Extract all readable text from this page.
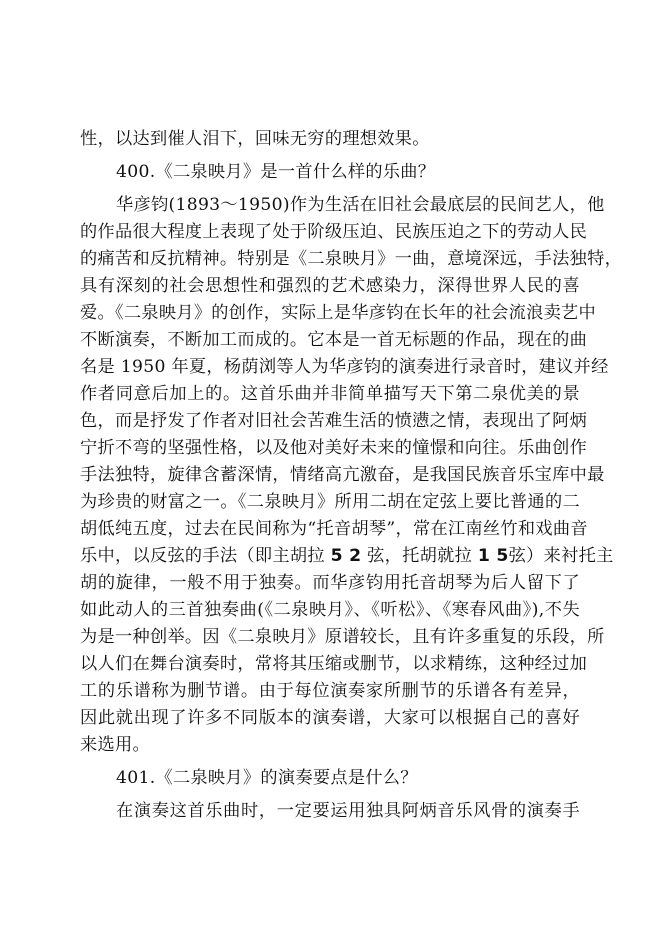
性，以达到催人泪下，回味无穷的理想效果。
400.《二泉映月》是一首什么样的乐曲？
华彦钧(1893～1950)作为生活在旧社会最底层的民间艺人，他
的作品很大程度上表现了处于阶级压迫、民族压迫之下的劳动人民
的痛苦和反抗精神。特别是《二泉映月》一曲，意境深远，手法独特，
具有深刻的社会思想性和强烈的艺术感染力，深得世界人民的喜
爱。《二泉映月》的创作，实际上是华彦钧在长年的社会流浪卖艺中
不断演奏，不断加工而成的。它本是一首无标题的作品，现在的曲
名是 1950 年夏，杨荫浏等人为华彦钧的演奏进行录音时，建议并经
作者同意后加上的。这首乐曲并非简单描写天下第二泉优美的景
色，而是抒发了作者对旧社会苦难生活的愤懑之情，表现出了阿炳
宁折不弯的坚强性格，以及他对美好未来的憧憬和向往。乐曲创作
手法独特，旋律含蓄深情，情绪高亢激奋，是我国民族音乐宝库中最
为珍贵的财富之一。《二泉映月》所用二胡在定弦上要比普通的二
胡低纯五度，过去在民间称为“托音胡琴”，常在江南丝竹和戏曲音
乐中，以反弦的手法（即主胡拉 5 2 弦，托胡就拉 1 5弦）来衬托主
胡的旋律，一般不用于独奏。而华彦钧用托音胡琴为后人留下了
如此动人的三首独奏曲(《二泉映月》、《听松》、《寒春风曲》),不失
为是一种创举。因《二泉映月》原谱较长，且有许多重复的乐段，所
以人们在舞台演奏时，常将其压缩或删节，以求精练，这种经过加
工的乐谱称为删节谱。由于每位演奏家所删节的乐谱各有差异，
因此就出现了许多不同版本的演奏谱，大家可以根据自己的喜好
来选用。
401.《二泉映月》的演奏要点是什么？
在演奏这首乐曲时，一定要运用独具阿炳音乐风骨的演奏手
